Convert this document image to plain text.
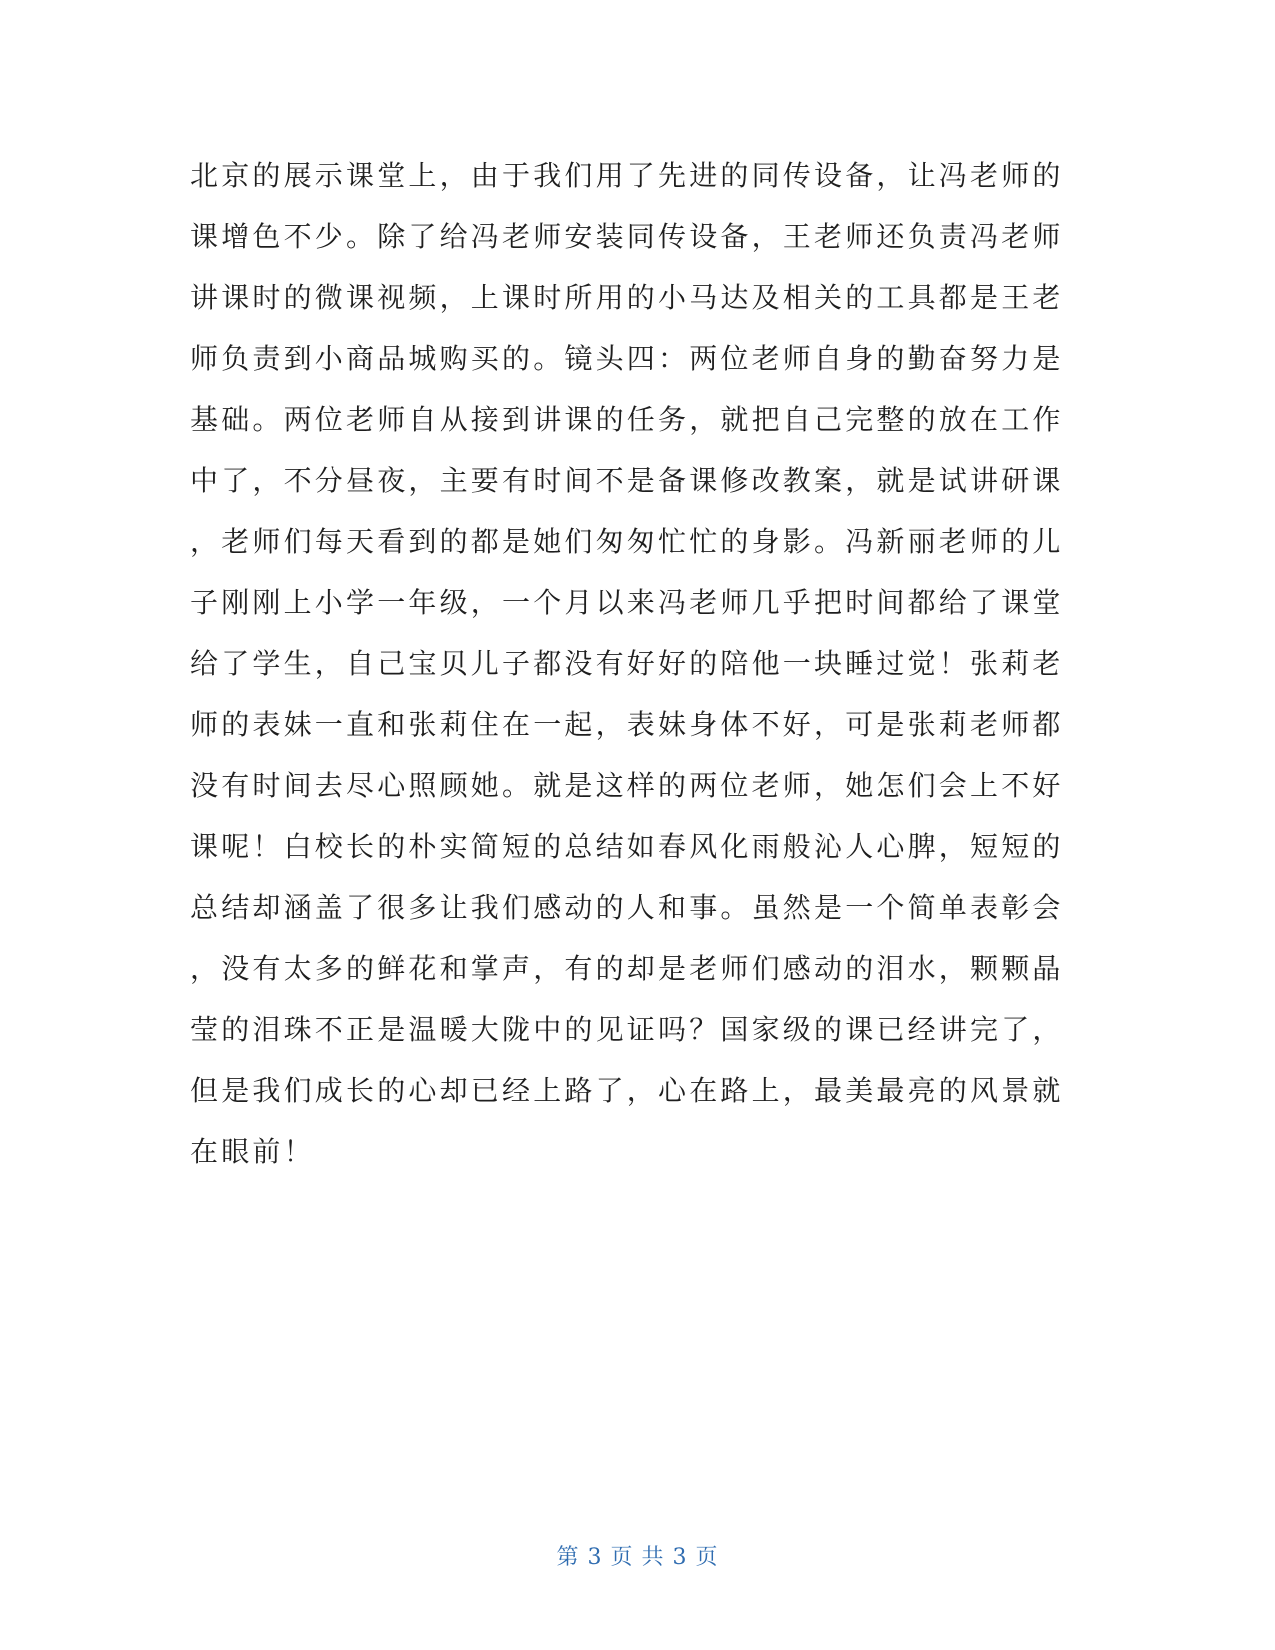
北京的展示课堂上，由于我们用了先进的同传设备，让冯老师的
课增色不少。除了给冯老师安装同传设备，王老师还负责冯老师
讲课时的微课视频，上课时所用的小马达及相关的工具都是王老
师负责到小商品城购买的。镜头四：两位老师自身的勤奋努力是
基础。两位老师自从接到讲课的任务，就把自己完整的放在工作
中了，不分昼夜，主要有时间不是备课修改教案，就是试讲研课
，老师们每天看到的都是她们匆匆忙忙的身影。冯新丽老师的儿
子刚刚上小学一年级，一个月以来冯老师几乎把时间都给了课堂
给了学生，自己宝贝儿子都没有好好的陪他一块睡过觉！张莉老
师的表妹一直和张莉住在一起，表妹身体不好，可是张莉老师都
没有时间去尽心照顾她。就是这样的两位老师，她怎们会上不好
课呢！白校长的朴实简短的总结如春风化雨般沁人心脾，短短的
总结却涵盖了很多让我们感动的人和事。虽然是一个简单表彰会
，没有太多的鲜花和掌声，有的却是老师们感动的泪水，颗颗晶
莹的泪珠不正是温暖大陇中的见证吗？国家级的课已经讲完了，
但是我们成长的心却已经上路了，心在路上，最美最亮的风景就
在眼前！
第 3 页 共 3 页
